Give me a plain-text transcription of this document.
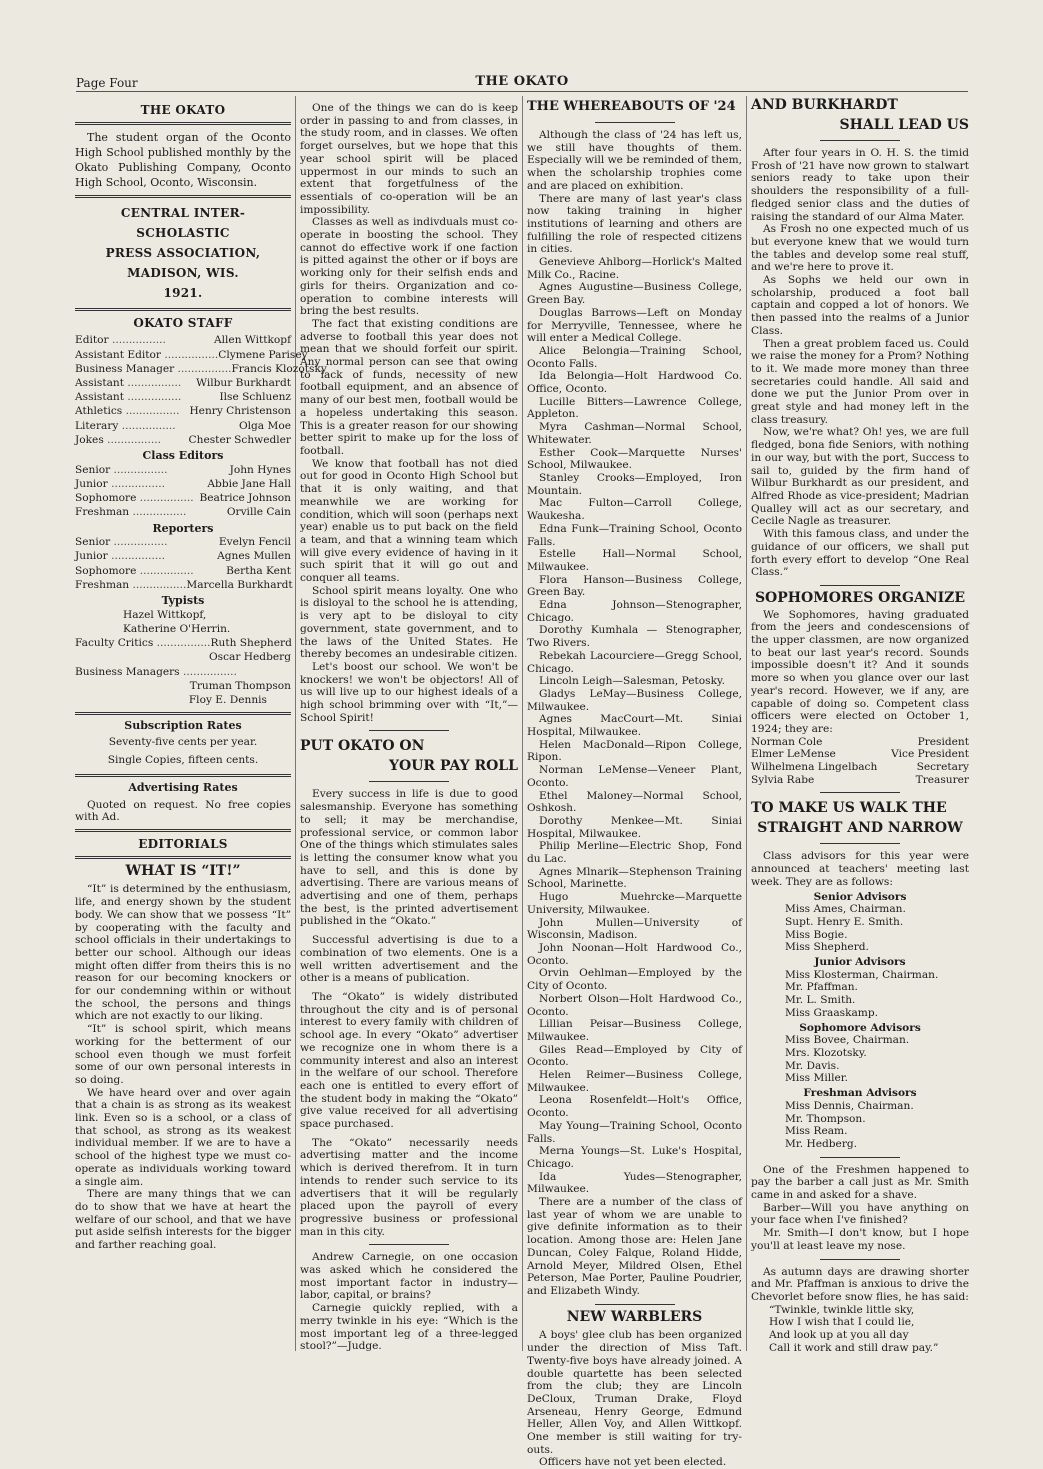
Page Four	THE OKATO
THE OKATO

The student organ of the Oconto High School published monthly by the Okato Publishing Company, Oconto High School, Oconto, Wisconsin.

CENTRAL INTER-SCHOLASTIC
PRESS ASSOCIATION,
MADISON, WIS.
1921.
OKATO STAFF
Editor .....	Allen Wittkopf
Assistant Editor .....	Clymene Parisey
Business Manager .....	Francis Klozotsky
Assistant .....	Wilbur Burkhardt
Assistant .....	Ilse Schluenz
Athletics .....	Henry Christenson
Literary .....	Olga Moe
Jokes .....	Chester Schwedler
Class Editors
Senior .....	John Hynes
Junior .....	Abbie Jane Hall
Sophomore .....	Beatrice Johnson
Freshman .....	Orville Cain
Reporters
Senior .....	Evelyn Fencil
Junior .....	Agnes Mullen
Sophomore .....	Bertha Kent
Freshman .....	Marcella Burkhardt
Typists
Hazel Wittkopf,
Katherine O'Herrin.
Faculty Critics .....	Ruth Shepherd
Oscar Hedberg
Business Managers .....
Truman Thompson
Floy E. Dennis
Subscription Rates
Seventy-five cents per year.
Single Copies, fifteen cents.
Advertising Rates

Quoted on request. No free copies with Ad.

EDITORIALS
WHAT IS “IT!”

“It” is determined by the enthusiasm, life, and energy shown by the student body. We can show that we possess “It” by cooperating with the faculty and school officials in their undertakings to better our school. Although our ideas might often differ from theirs this is no reason for our becoming knockers or for our condemning within or without the school, the persons and things which are not exactly to our liking.

“It” is school spirit, which means working for the betterment of our school even though we must forfeit some of our own personal interests in so doing.

We have heard over and over again that a chain is as strong as its weakest link. Even so is a school, or a class of that school, as strong as its weakest individual member. If we are to have a school of the highest type we must co-operate as individuals working toward a single aim.

There are many things that we can do to show that we have at heart the welfare of our school, and that we have put aside selfish interests for the bigger and farther reaching goal.

One of the things we can do is keep order in passing to and from classes, in the study room, and in classes. We often forget ourselves, but we hope that this year school spirit will be placed uppermost in our minds to such an extent that forgetfulness of the essentials of co-operation will be an impossibility.

Classes as well as indivduals must co-operate in boosting the school. They cannot do effective work if one faction is pitted against the other or if boys are working only for their selfish ends and girls for theirs. Organization and co-operation to combine interests will bring the best results.

The fact that existing conditions are adverse to football this year does not mean that we should forfeit our spirit. Any normal person can see that owing to lack of funds, necessity of new football equipment, and an absence of many of our best men, football would be a hopeless undertaking this season. This is a greater reason for our showing better spirit to make up for the loss of football.

We know that football has not died out for good in Oconto High School but that it is only waiting, and that meanwhile we are working for condition, which will soon (perhaps next year) enable us to put back on the field a team, and that a winning team which will give every evidence of having in it such spirit that it will go out and conquer all teams.

School spirit means loyalty. One who is disloyal to the school he is attending, is very apt to be disloyal to city government, state government, and to the laws of the United States. He thereby becomes an undesirable citizen.

Let's boost our school. We won't be knockers! we won't be objectors! All of us will live up to our highest ideals of a high school brimming over with “It,”—School Spirit!

PUT OKATO ON
YOUR PAY ROLL

Every success in life is due to good salesmanship. Everyone has something to sell; it may be merchandise, professional service, or common labor One of the things which stimulates sales is letting the consumer know what you have to sell, and this is done by advertising. There are various means of advertising and one of them, perhaps the best, is the printed advertisement published in the “Okato.”

Successful advertising is due to a combination of two elements. One is a well written advertisement and the other is a means of publication.

The “Okato” is widely distributed throughout the city and is of personal interest to every family with children of school age. In every “Okato” advertiser we recognize one in whom there is a community interest and also an interest in the welfare of our school. Therefore each one is entitled to every effort of the student body in making the “Okato” give value received for all advertising space purchased.

The “Okato” necessarily needs advertising matter and the income which is derived therefrom. It in turn intends to render such service to its advertisers that it will be regularly placed upon the payroll of every progressive business or professional man in this city.

Andrew Carnegie, on one occasion was asked which he considered the most important factor in industry—labor, capital, or brains?

Carnegie quickly replied, with a merry twinkle in his eye: “Which is the most important leg of a three-legged stool?”—Judge.

THE WHEREABOUTS OF '24

Although the class of '24 has left us, we still have thoughts of them. Especially will we be reminded of them, when the scholarship trophies come and are placed on exhibition.

There are many of last year's class now taking training in higher institutions of learning and others are fulfilling the role of respected citizens in cities.

Genevieve Ahlborg—Horlick's Malted Milk Co., Racine.

Agnes Augustine—Business College, Green Bay.

Douglas Barrows—Left on Monday for Merryville, Tennessee, where he will enter a Medical College.

Alice Belongia—Training School, Oconto Falls.

Ida Belongia—Holt Hardwood Co. Office, Oconto.

Lucille Bitters—Lawrence College, Appleton.

Myra Cashman—Normal School, Whitewater.

Esther Cook—Marquette Nurses' School, Milwaukee.

Stanley Crooks—Employed, Iron Mountain.

Mac Fulton—Carroll College, Waukesha.

Edna Funk—Training School, Oconto Falls.

Estelle Hall—Normal School, Milwaukee.

Flora Hanson—Business College, Green Bay.

Edna Johnson—Stenographer, Chicago.

Dorothy Kumhala — Stenographer, Two Rivers.

Rebekah Lacourciere—Gregg School, Chicago.

Lincoln Leigh—Salesman, Petosky.

Gladys LeMay—Business College, Milwaukee.

Agnes MacCourt—Mt. Siniai Hospital, Milwaukee.

Helen MacDonald—Ripon College, Ripon.

Norman LeMense—Veneer Plant, Oconto.

Ethel Maloney—Normal School, Oshkosh.

Dorothy Menkee—Mt. Siniai Hospital, Milwaukee.

Philip Merline—Electric Shop, Fond du Lac.

Agnes Mlnarik—Stephenson Training School, Marinette.

Hugo Muehrcke—Marquette University, Milwaukee.

John Mullen—University of Wisconsin, Madison.

John Noonan—Holt Hardwood Co., Oconto.

Orvin Oehlman—Employed by the City of Oconto.

Norbert Olson—Holt Hardwood Co., Oconto.

Lillian Peisar—Business College, Milwaukee.

Giles Read—Employed by City of Oconto.

Helen Reimer—Business College, Milwaukee.

Leona Rosenfeldt—Holt's Office, Oconto.

May Young—Training School, Oconto Falls.

Merna Youngs—St. Luke's Hospital, Chicago.

Ida Yudes—Stenographer, Milwaukee.

There are a number of the class of last year of whom we are unable to give definite information as to their location. Among those are: Helen Jane Duncan, Coley Falque, Roland Hidde, Arnold Meyer, Mildred Olsen, Ethel Peterson, Mae Porter, Pauline Poudrier, and Elizabeth Windy.

NEW WARBLERS

A boys' glee club has been organized under the direction of Miss Taft. Twenty-five boys have already joined. A double quartette has been selected from the club; they are Lincoln DeCloux, Truman Drake, Floyd Arseneau, Henry George, Edmund Heller, Allen Voy, and Allen Wittkopf. One member is still waiting for try-outs.

Officers have not yet been elected.

AND BURKHARDT
SHALL LEAD US

After four years in O. H. S. the timid Frosh of '21 have now grown to stalwart seniors ready to take upon their shoulders the responsibility of a full-fledged senior class and the duties of raising the standard of our Alma Mater.

As Frosh no one expected much of us but everyone knew that we would turn the tables and develop some real stuff, and we're here to prove it.

As Sophs we held our own in scholarship, produced a foot ball captain and copped a lot of honors. We then passed into the realms of a Junior Class.

Then a great problem faced us. Could we raise the money for a Prom? Nothing to it. We made more money than three secretaries could handle. All said and done we put the Junior Prom over in great style and had money left in the class treasury.

Now, we're what? Oh! yes, we are full fledged, bona fide Seniors, with nothing in our way, but with the port, Success to sail to, guided by the firm hand of Wilbur Burkhardt as our president, and Alfred Rhode as vice-president; Madrian Qualley will act as our secretary, and Cecile Nagle as treasurer.

With this famous class, and under the guidance of our officers, we shall put forth every effort to develop “One Real Class.”

SOPHOMORES ORGANIZE

We Sophomores, having graduated from the jeers and condescensions of the upper classmen, are now organized to beat our last year's record. Sounds impossible doesn't it? And it sounds more so when you glance over our last year's record. However, we if any, are capable of doing so. Competent class officers were elected on October 1, 1924; they are:

Norman Cole	President
Elmer LeMense	Vice President
Wilhelmena Lingelbach	Secretary
Sylvia Rabe	Treasurer
TO MAKE US WALK THE
STRAIGHT AND NARROW

Class advisors for this year were announced at teachers' meeting last week. They are as follows:

Senior Advisors
Miss Ames, Chairman.
Supt. Henry E. Smith.
Miss Bogie.
Miss Shepherd.
Junior Advisors
Miss Klosterman, Chairman.
Mr. Pfaffman.
Mr. L. Smith.
Miss Graaskamp.
Sophomore Advisors
Miss Bovee, Chairman.
Mrs. Klozotsky.
Mr. Davis.
Miss Miller.
Freshman Advisors
Miss Dennis, Chairman.
Mr. Thompson.
Miss Ream.
Mr. Hedberg.

One of the Freshmen happened to pay the barber a call just as Mr. Smith came in and asked for a shave.

Barber—Will you have anything on your face when I've finished?

Mr. Smith—I don't know, but I hope you'll at least leave my nose.

As autumn days are drawing shorter and Mr. Pfaffman is anxious to drive the Chevorlet before snow flies, he has said:

“Twinkle, twinkle little sky,
How I wish that I could lie,
And look up at you all day
Call it work and still draw pay.”
